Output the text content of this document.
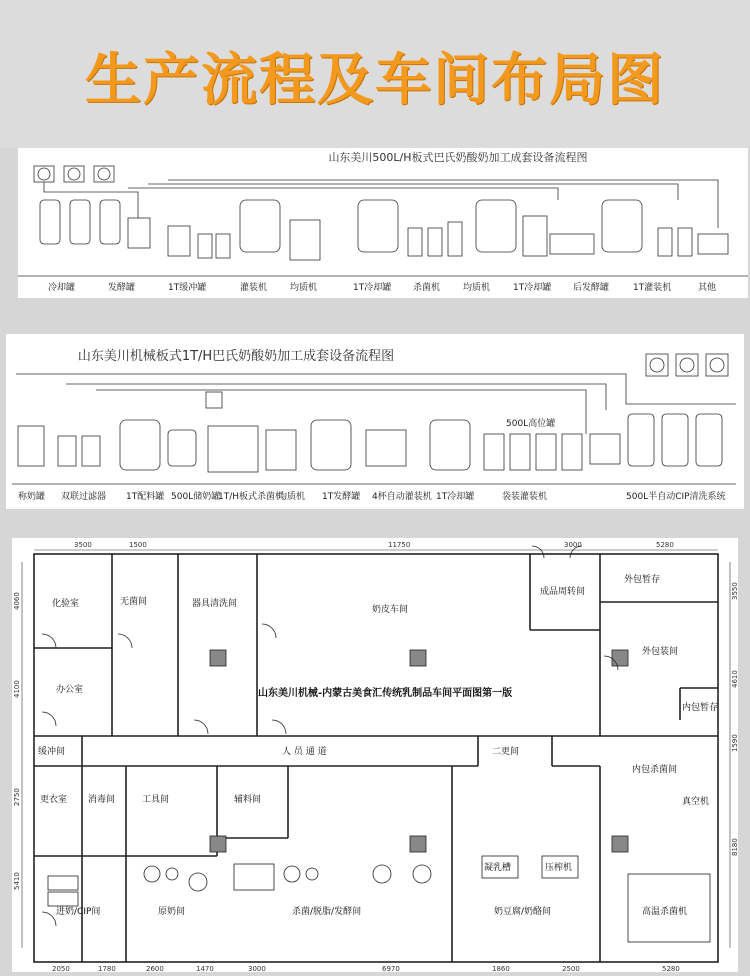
生产流程及车间布局图
山东美川500L/H板式巴氏奶酸奶加工成套设备流程图
冷却罐	发酵罐	1T缓冲罐	灌装机	均质机	1T冷却罐 杀菌机	均质机	1T冷却罐 后发酵罐	1T灌装机	其他
山东美川机械板式1T/H巴氏奶酸奶加工成套设备流程图
500L高位罐
称奶罐 双联过滤器 1T配料罐 500L储奶罐
1T/H板式杀菌机
均质机 1T发酵罐 4杯自动灌装机 1T冷却罐	袋装灌装机	500L半自动CIP清洗系统
3500	1500	11750	3000	5280
2050	1780	2600	1470	3000	6970	1860	2500	5280
4060
4100
2750
5410
3550
4610
1590
8180
化验室	无菌间	器具清洗间
奶皮车间
成品周转间
外包暂存
外包装间
办公室	山东美川机械-内蒙古美食汇传统乳制品车间平面图第一版
内包暂存
缓冲间	人 员 通 道	二更间
内包杀菌间
更衣室 消毒间	工具间	辅料间	真空机
凝乳槽	压榨机
进奶/CIP间	原奶间	杀菌/脱脂/发酵间	奶豆腐/奶酪间	高温杀菌机
